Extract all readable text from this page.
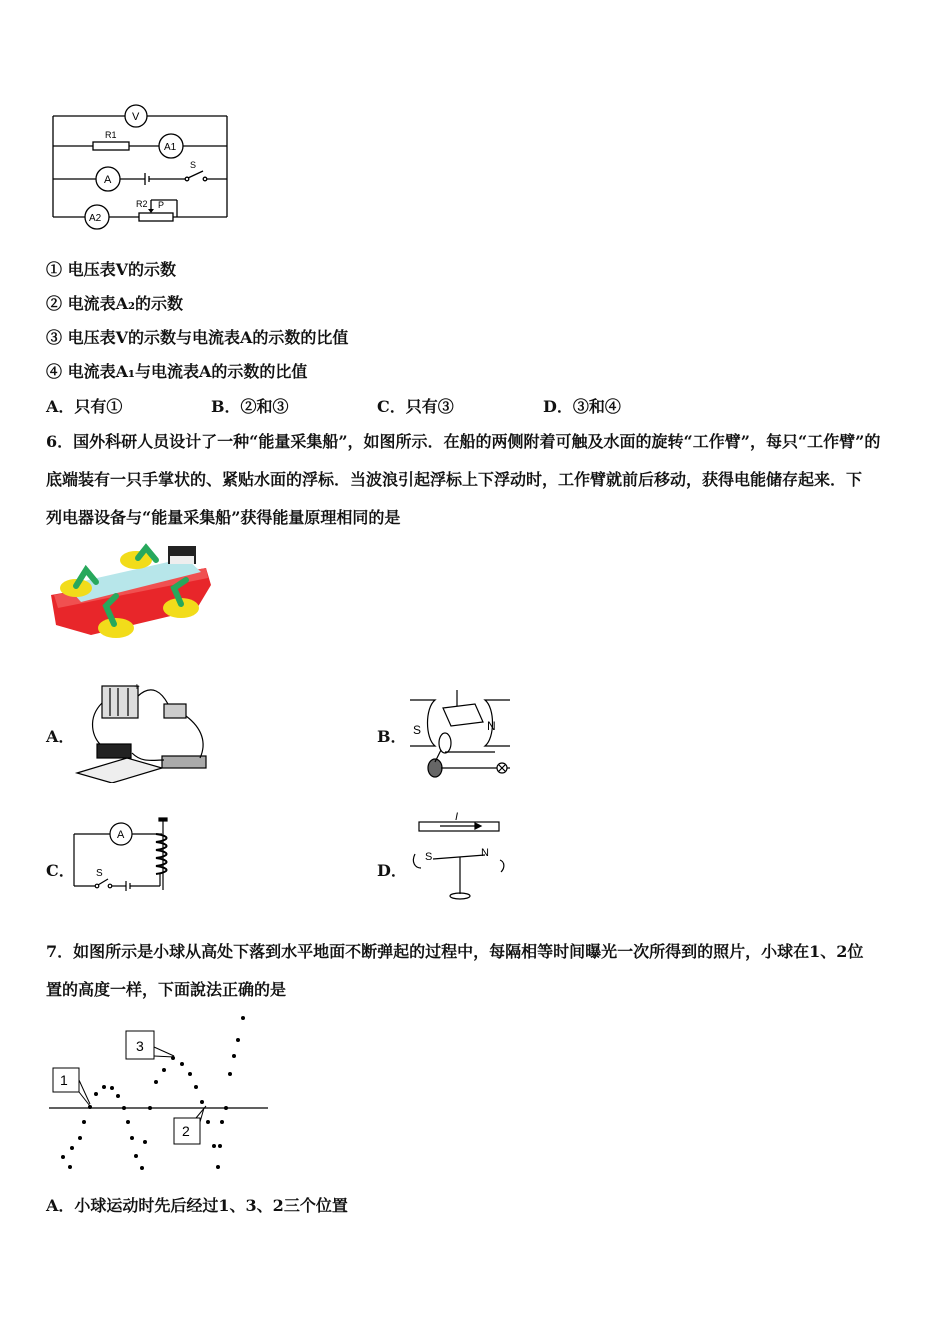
V
R1
A1
S
A
A2
R2 P
① 电压表V的示数
② 电流表A₂的示数
③ 电压表V的示数与电流表A的示数的比值
④ 电流表A₁与电流表A的示数的比值
A．只有①	B．②和③	C．只有③	D．③和④
6．国外科研人员设计了一种“能量采集船”，如图所示．在船的两侧附着可触及水面的旋转“工作臂”，每只“工作臂”的
底端装有一只手掌状的、紧贴水面的浮标．当波浪引起浮标上下浮动时，工作臂就前后移动，获得电能储存起来．下
列电器设备与“能量采集船”获得能量原理相同的是
A．
+
B． S	N
C．
A
S	D．
I
S	N
7．如图所示是小球从高处下落到水平地面不断弹起的过程中，每隔相等时间曝光一次所得到的照片，小球在1、2位
置的高度一样，下面說法正确的是
1
3
2
A．小球运动时先后经过1、3、2三个位置
